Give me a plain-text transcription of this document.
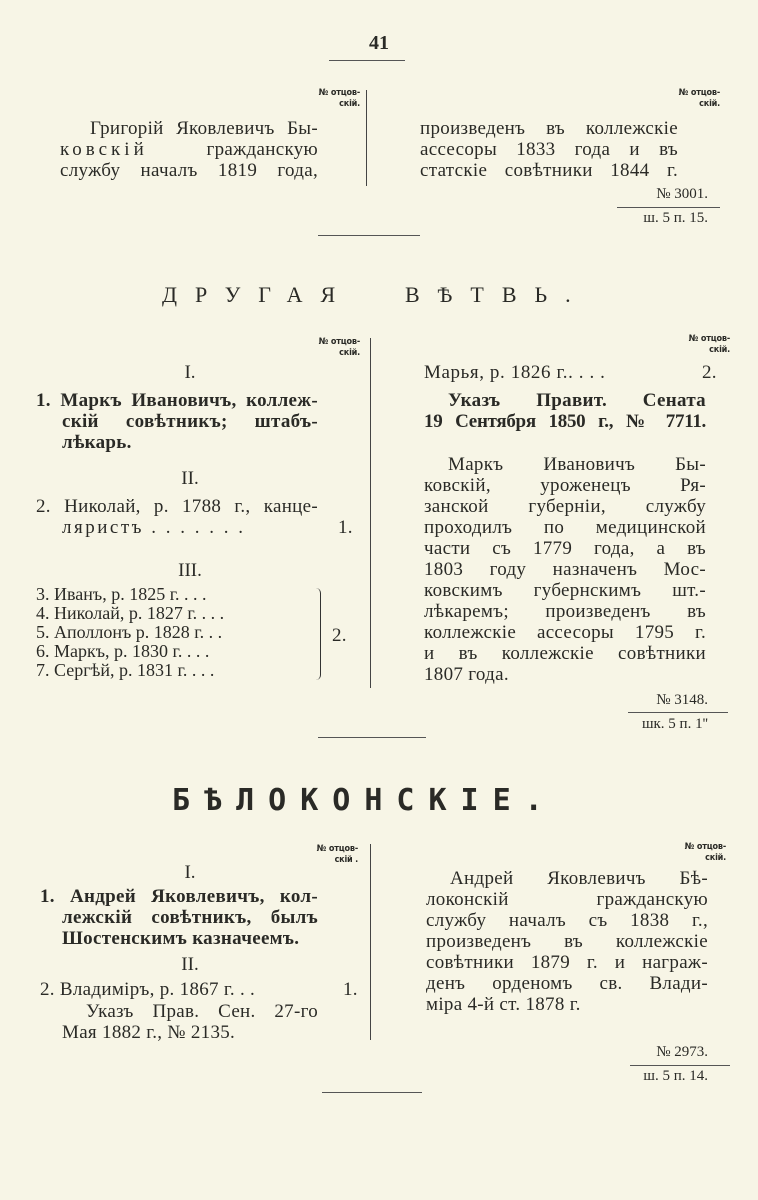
41
№ отцов-
скій.
Григорій Яковлевичъ Бы-
ковскій	гражданскую
службу началъ 1819 года,
№ отцов-
скій.
произведенъ въ коллежскіе
ассесоры 1833 года и въ
статскіе совѣтники 1844 г.
№ 3001.
ш. 5 п. 15.
ДРУГАЯ ВѢТВЬ.
№ отцов-
скій.
I.
1. Маркъ Ивановичъ, коллеж-
скій совѣтникъ; штабъ-
лѣкарь.
II.
2. Николай, р. 1788 г., канце-
ляристъ . . . . . . .	1.
III.
3. Иванъ, р. 1825 г. . . .
4. Николай, р. 1827 г. . . .
5. Аполлонъ р. 1828 г. . .
6. Маркъ, р. 1830 г. . . .
7. Сергѣй, р. 1831 г. . . .
2.
№ отцов-
скій.
Марья, р. 1826 г.. . . .	2.
Указъ Правит. Сената
19 Сентября 1850 г., № 7711.
Маркъ Ивановичъ Бы-
ковскій, уроженецъ Ря-
занской губерніи, службу
проходилъ по медицинской
части съ 1779 года, а въ
1803 году назначенъ Мос-
ковскимъ губернскимъ шт.-
лѣкаремъ; произведенъ въ
коллежскіе ассесоры 1795 г.
и въ коллежскіе совѣтники
1807 года.
№ 3148.
шк. 5 п. 1''
БѢЛОКОНСКІЕ.
№ отцов-
скій .
I.
1. Андрей Яковлевичъ, кол-
лежскій совѣтникъ, былъ
Шостенскимъ казначеемъ.
II.
2. Владиміръ, р. 1867 г. . .	1.
Указъ Прав. Сен. 27-го
Мая 1882 г., № 2135.
№ отцов-
скій.
Андрей Яковлевичъ Бѣ-
локонскій гражданскую
службу началъ съ 1838 г.,
произведенъ въ коллежскіе
совѣтники 1879 г. и награж-
денъ орденомъ св. Влади-
міра 4-й ст. 1878 г.
№ 2973.
ш. 5 п. 14.
